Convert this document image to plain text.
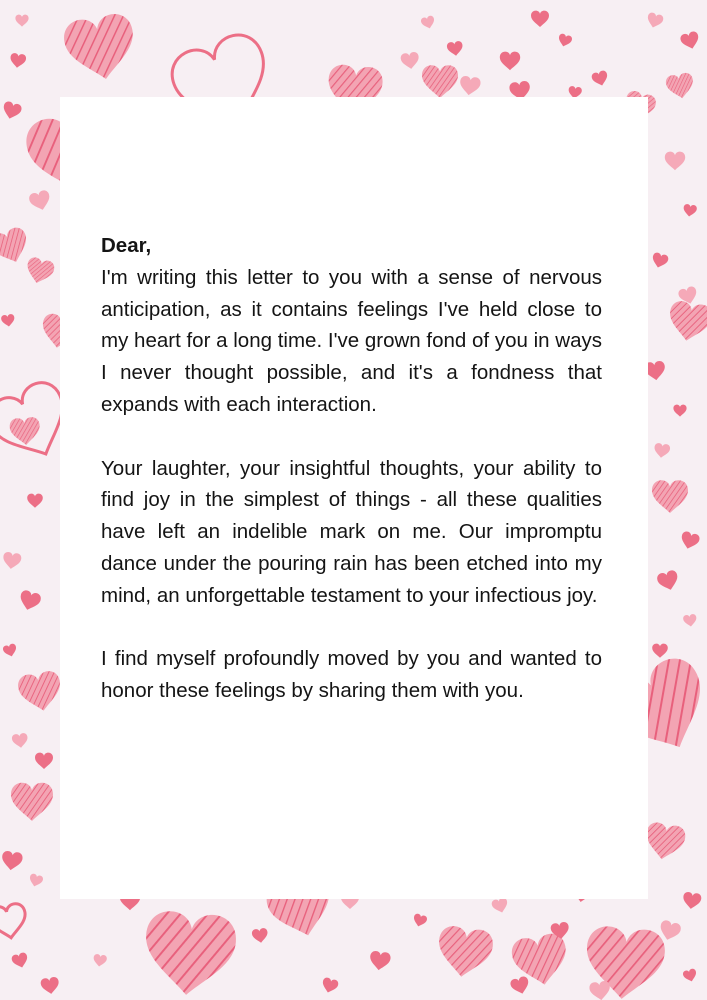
Dear,

I'm writing this letter to you with a sense of nervous anticipation, as it contains feelings I've held close to my heart for a long time. I've grown fond of you in ways I never thought possible, and it's a fondness that expands with each interaction.

Your laughter, your insightful thoughts, your ability to find joy in the simplest of things - all these qualities have left an indelible mark on me. Our impromptu dance under the pouring rain has been etched into my mind, an unforgettable testament to your infectious joy.

I find myself profoundly moved by you and wanted to honor these feelings by sharing them with you.
